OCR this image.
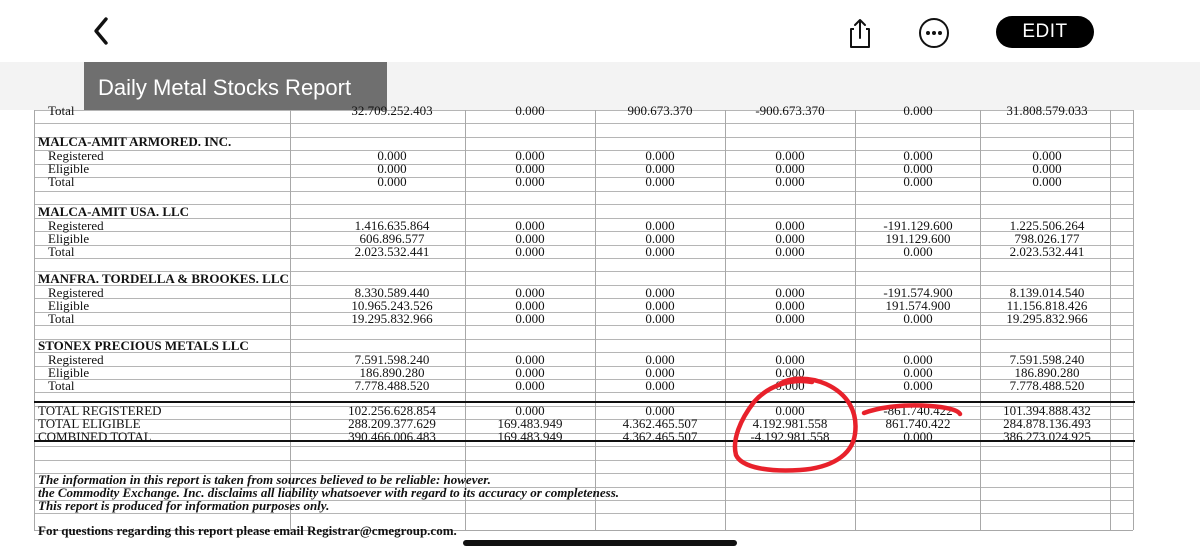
EDIT
Daily Metal Stocks Report
Total	32.709.252.403	0.000	900.673.370	-900.673.370	0.000	31.808.579.033
MALCA-AMIT ARMORED. INC.
Registered	0.000	0.000	0.000	0.000	0.000	0.000
Eligible	0.000	0.000	0.000	0.000	0.000	0.000
Total	0.000	0.000	0.000	0.000	0.000	0.000
MALCA-AMIT USA. LLC
Registered	1.416.635.864	0.000	0.000	0.000	-191.129.600	1.225.506.264
Eligible	606.896.577	0.000	0.000	0.000	191.129.600	798.026.177
Total	2.023.532.441	0.000	0.000	0.000	0.000	2.023.532.441
MANFRA. TORDELLA & BROOKES. LLC
Registered	8.330.589.440	0.000	0.000	0.000	-191.574.900	8.139.014.540
Eligible	10.965.243.526	0.000	0.000	0.000	191.574.900	11.156.818.426
Total	19.295.832.966	0.000	0.000	0.000	0.000	19.295.832.966
STONEX PRECIOUS METALS LLC
Registered	7.591.598.240	0.000	0.000	0.000	0.000	7.591.598.240
Eligible	186.890.280	0.000	0.000	0.000	0.000	186.890.280
Total	7.778.488.520	0.000	0.000	0.000	0.000	7.778.488.520
TOTAL REGISTERED	102.256.628.854	0.000	0.000	0.000	-861.740.422	101.394.888.432
TOTAL ELIGIBLE	288.209.377.629	169.483.949	4.362.465.507	4.192.981.558	861.740.422	284.878.136.493
COMBINED TOTAL	390.466.006.483	169.483.949	4.362.465.507	-4.192.981.558	0.000	386.273.024.925
The information in this report is taken from sources believed to be reliable: however.
the Commodity Exchange. Inc. disclaims all liability whatsoever with regard to its accuracy or completeness.
This report is produced for information purposes only.
For questions regarding this report please email Registrar@cmegroup.com.
